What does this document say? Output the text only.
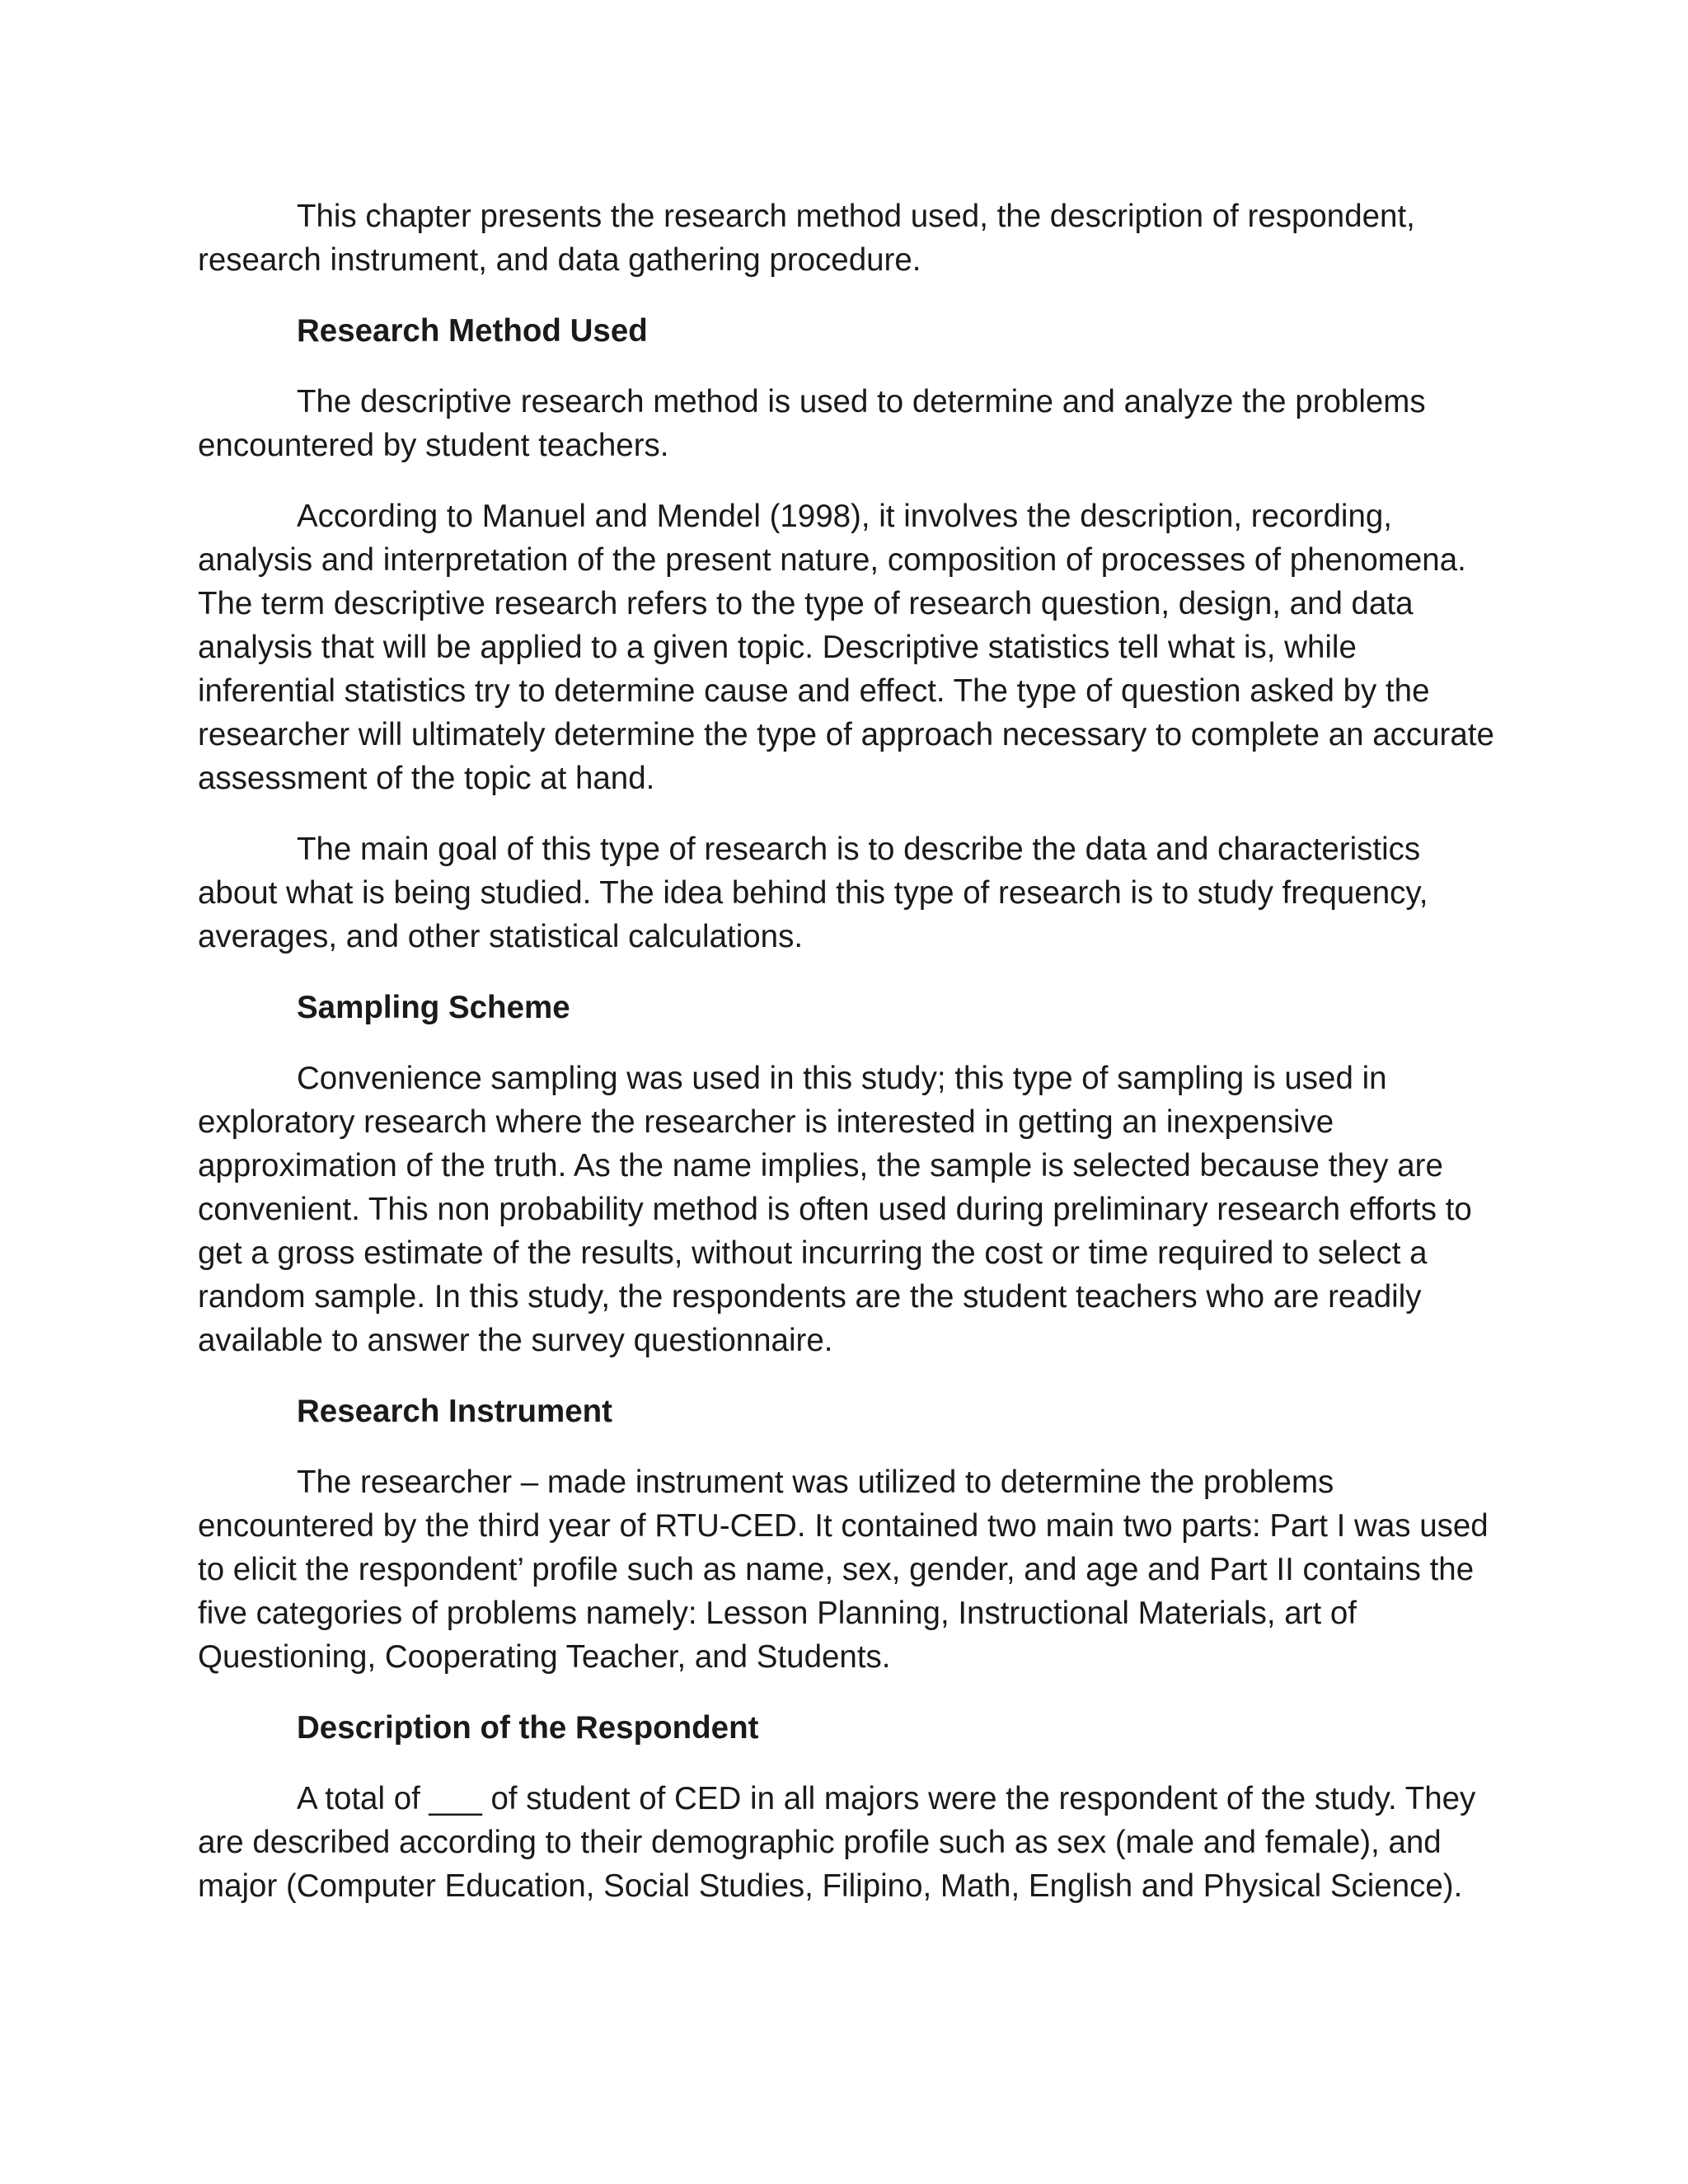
This chapter presents the research method used, the description of respondent, research instrument, and data gathering procedure.

Research Method Used

The descriptive research method is used to determine and analyze the problems encountered by student teachers.

According to Manuel and Mendel (1998), it involves the description, recording, analysis and interpretation of the present nature, composition of processes of phenomena. The term descriptive research refers to the type of research question, design, and data analysis that will be applied to a given topic. Descriptive statistics tell what is, while inferential statistics try to determine cause and effect. The type of question asked by the researcher will ultimately determine the type of approach necessary to complete an accurate assessment of the topic at hand.

The main goal of this type of research is to describe the data and characteristics about what is being studied. The idea behind this type of research is to study frequency, averages, and other statistical calculations.

Sampling Scheme

Convenience sampling was used in this study; this type of sampling is used in exploratory research where the researcher is interested in getting an inexpensive approximation of the truth. As the name implies, the sample is selected because they are convenient. This non probability method is often used during preliminary research efforts to get a gross estimate of the results, without incurring the cost or time required to select a random sample. In this study, the respondents are the student teachers who are readily available to answer the survey questionnaire.

Research Instrument

The researcher – made instrument was utilized to determine the problems encountered by the third year of RTU-CED. It contained two main two parts: Part I was used to elicit the respondent’ profile such as name, sex, gender, and age and Part II contains the five categories of problems namely: Lesson Planning, Instructional Materials, art of Questioning, Cooperating Teacher, and Students.

Description of the Respondent

A total of ___ of student of CED in all majors were the respondent of the study. They are described according to their demographic profile such as sex (male and female), and major (Computer Education, Social Studies, Filipino, Math, English and Physical Science).
